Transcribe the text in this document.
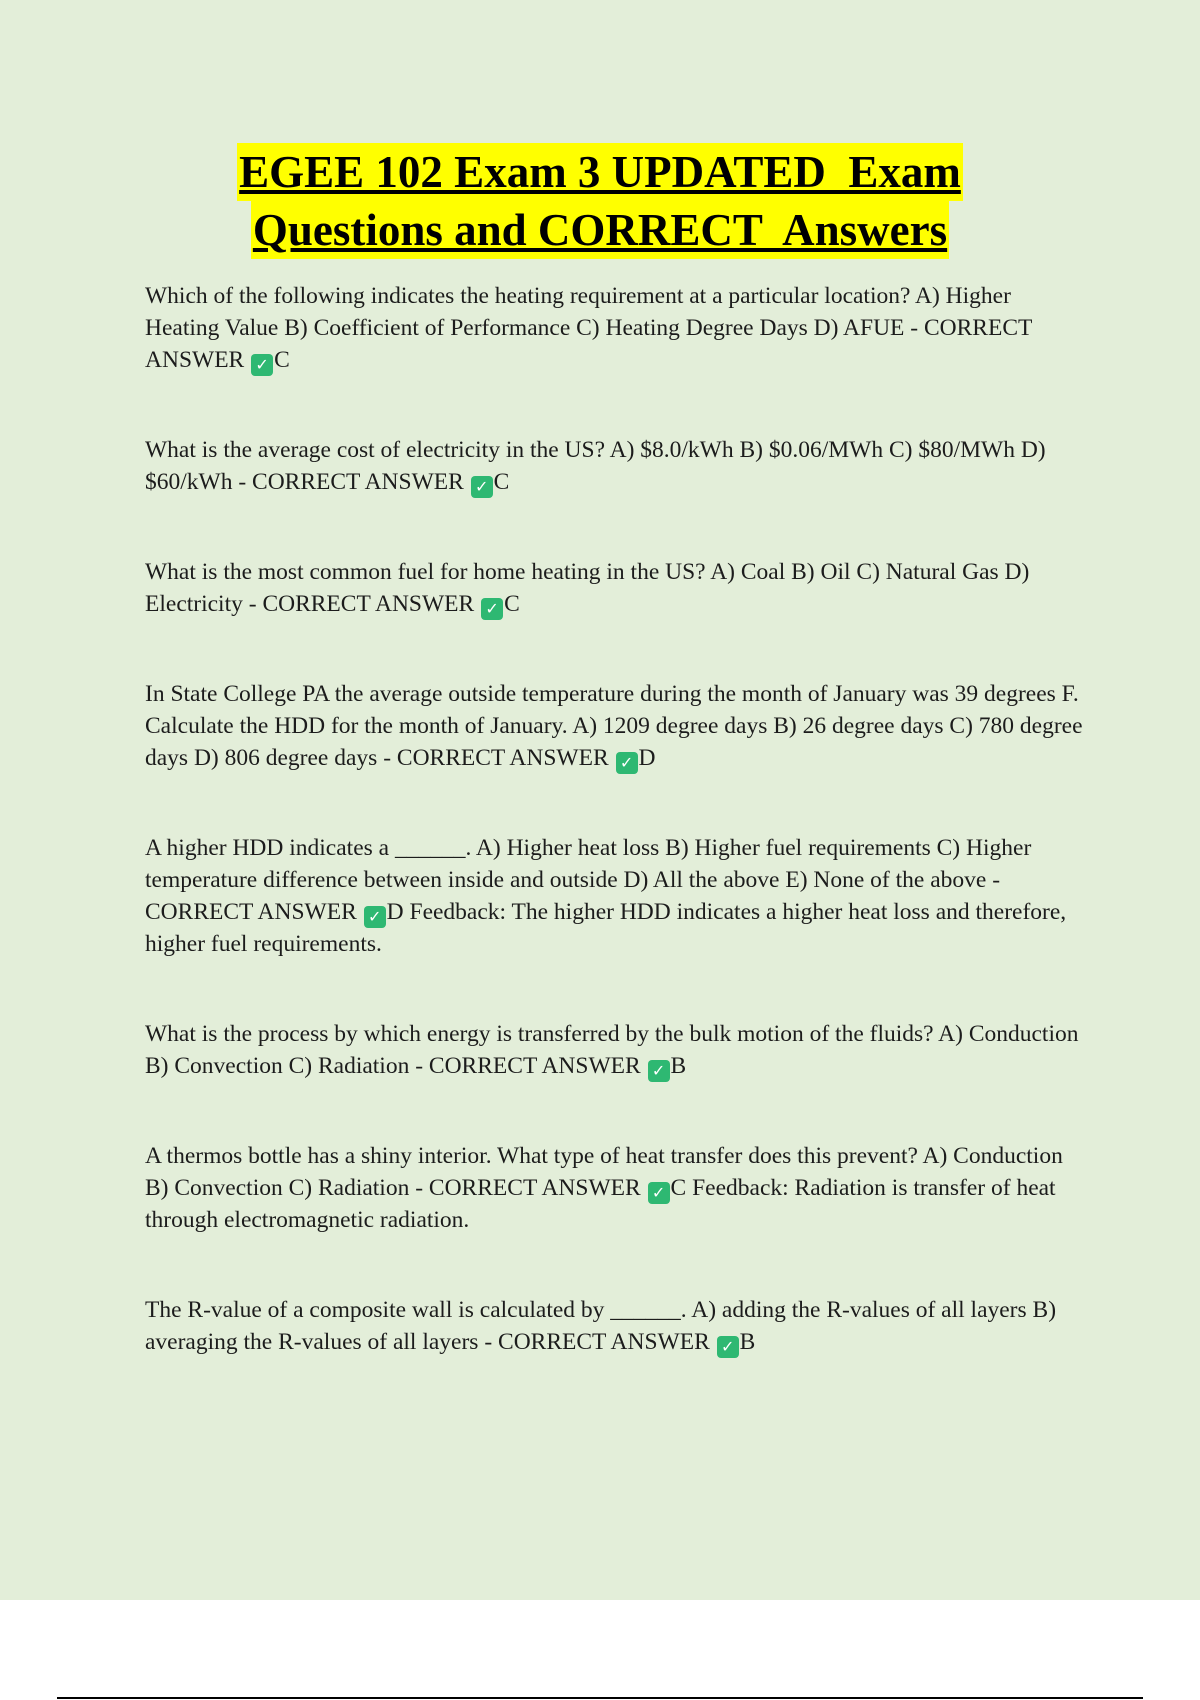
EGEE 102 Exam 3 UPDATED  Exam
Questions and CORRECT  Answers

Which of the following indicates the heating requirement at a particular location? A) Higher Heating Value B) Coefficient of Performance C) Heating Degree Days D) AFUE - CORRECT ANSWER ✓ C

What is the average cost of electricity in the US? A) $8.0/kWh B) $0.06/MWh C) $80/MWh D) $60/kWh - CORRECT ANSWER ✓ C

What is the most common fuel for home heating in the US? A) Coal B) Oil C) Natural Gas D) Electricity - CORRECT ANSWER ✓ C

In State College PA the average outside temperature during the month of January was 39 degrees F. Calculate the HDD for the month of January. A) 1209 degree days B) 26 degree days C) 780 degree days D) 806 degree days - CORRECT ANSWER ✓ D

A higher HDD indicates a ______. A) Higher heat loss B) Higher fuel requirements C) Higher temperature difference between inside and outside D) All the above E) None of the above - CORRECT ANSWER ✓ D Feedback: The higher HDD indicates a higher heat loss and therefore, higher fuel requirements.

What is the process by which energy is transferred by the bulk motion of the fluids? A) Conduction B) Convection C) Radiation - CORRECT ANSWER ✓ B

A thermos bottle has a shiny interior. What type of heat transfer does this prevent? A) Conduction B) Convection C) Radiation - CORRECT ANSWER ✓ C Feedback: Radiation is transfer of heat through electromagnetic radiation.

The R-value of a composite wall is calculated by ______. A) adding the R-values of all layers B) averaging the R-values of all layers - CORRECT ANSWER ✓ B
